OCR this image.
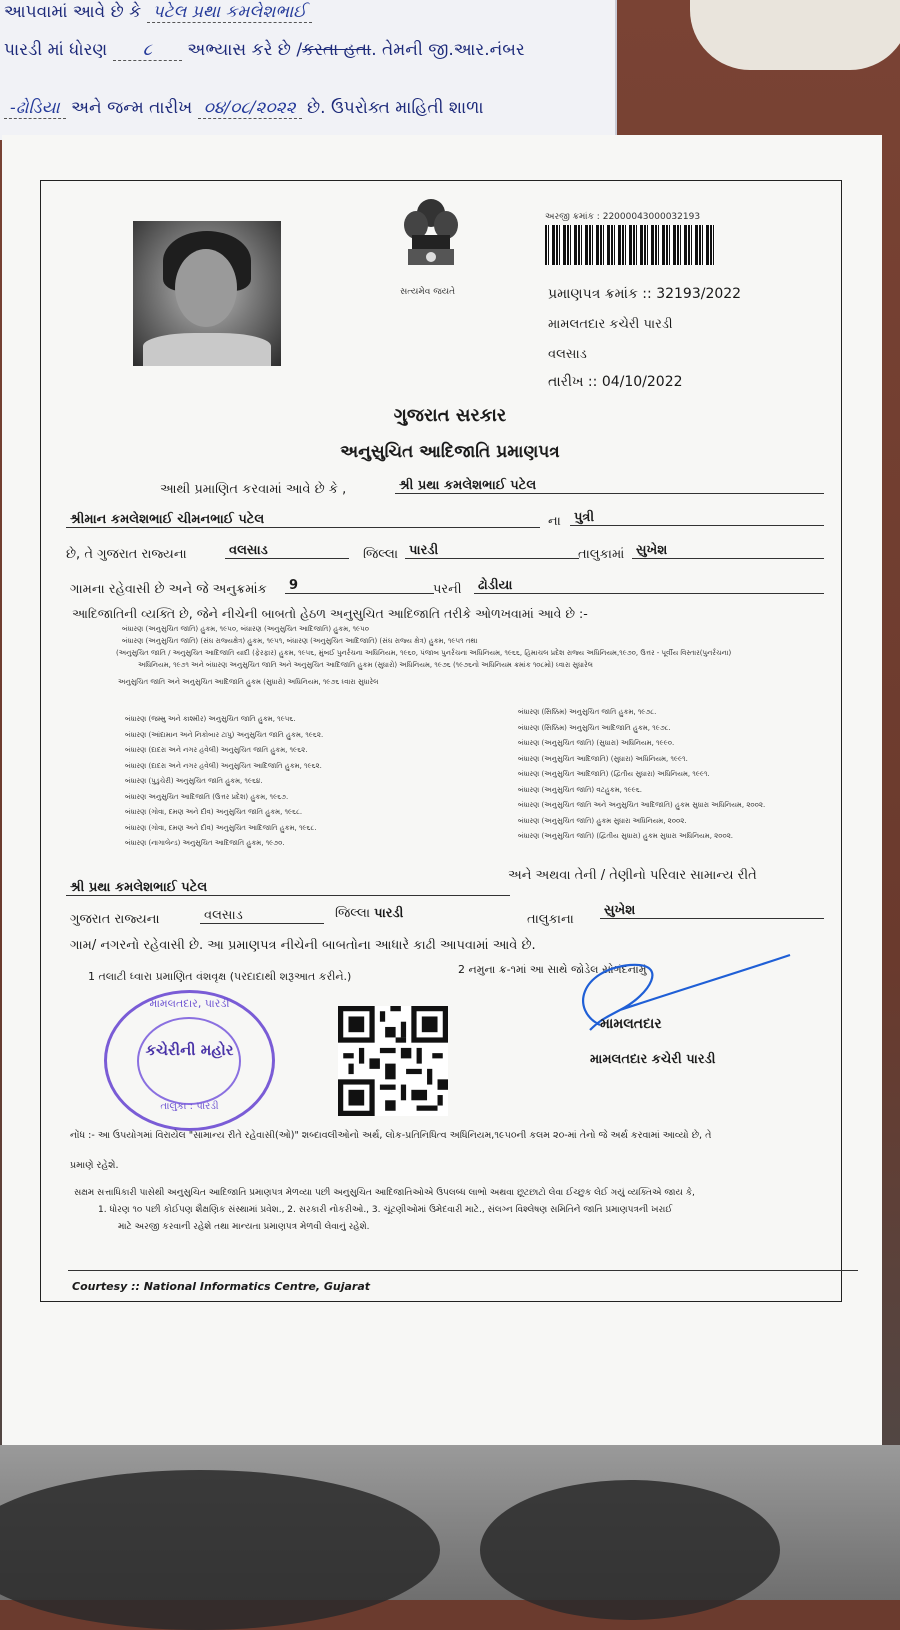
આપવામાં આવે છે કે પટેલ પ્રથા કમલેશભાઈ
પારડી માં ધોરણ ૮ અભ્યાસ કરે છે /કરતા હતા. તેમની જી.આર.નંબર
-ઢોડિયા અને જન્મ તારીખ ૦૪/૦૮/૨૦૨૨ છે. ઉપરોક્ત માહિતી શાળા
સત્યમેવ જયતે
અરજી ક્રમાંક : 22000043000032193
પ્રમાણપત્ર ક્રમાંક :: 32193/2022
મામલતદાર કચેરી પારડી
વલસાડ
તારીખ :: 04/10/2022
ગુજરાત સરકાર
અનુસુચિત આદિજાતિ પ્રમાણપત્ર
આથી પ્રમાણિત કરવામાં આવે છે કે ,	શ્રી પ્રથા કમલેશભાઈ પટેલ
શ્રીમાન કમલેશભાઈ ચીમનભાઈ પટેલ	ના	પુત્રી
છે, તે ગુજરાત રાજ્યના	વલસાડ	જિલ્લા પારડી	તાલુકામાં સુખેશ
ગામના રહેવાસી છે અને જે અનુક્રમાંક	9	પરની	ઢોડીયા
આદિજાતિની વ્યક્તિ છે, જેને નીચેની બાબતો હેઠળ અનુસુચિત આદિજાતિ તરીકે ઓળખવામાં આવે છે :-
બંધારણ (અનુસુચિત જાતિ) હુકમ, ૧૯૫૦, બંધારણ (અનુસુચિત આદિજાતિ) હુકમ, ૧૯૫૦
બંધારણ (અનુસુચિત જાતિ) (સંઘ રાજ્યક્ષેત્ર) હુકમ, ૧૯૫૧, બંધારણ (અનુસુચિત આદિજાતિ) (સંઘ રાજ્ય ક્ષેત્ર) હુકમ, ૧૯૫૧ તથા
(અનુસુચિત જાતિ / અનુસુચિત આદિજાતિ યાદી (ફેરફાર) હુકમ, ૧૯૫૬, મુંબઈ પુનર્રચના અધિનિયમ, ૧૯૬૦, પંજાબ પુનર્રચના અધિનિયમ, ૧૯૬૬, હિમાચલ પ્રદેશ રાજ્ય અધિનિયમ,૧૯૭૦, ઉત્તર - પૂર્વીય વિસ્તાર(પુનર્રચના)
અધિનિયમ, ૧૯૭૧ અને બંધારણ અનુસુચિત જાતિ અને અનુસુચિત આદિજાતિ હુકમ (સુધારો) અધિનિયમ, ૧૯૭૬ (૧૯૭૬નો અધિનિયમ ક્રમાંક ૧૦૮મો) ધ્વારા સુધારેલ
અનુસુચિત જાતિ અને અનુસુચિત આદિજાતિ હુકમ (સુધારો) અધિનિયમ, ૧૯૭૬ ધ્વારા સુધારેલ
બંધારણ (જમ્મુ અને કાશ્મીર) અનુસુચિત જાતિ હુકમ, ૧૯૫૬.
બંધારણ (આંદામાન અને નિકોબાર ટાપુ) અનુસુચિત જાતિ હુકમ, ૧૯૬૨.
બંધારણ (દાદરા અને નગર હવેલી) અનુસુચિત જાતિ હુકમ, ૧૯૬૨.
બંધારણ (દાદરા અને નગર હવેલી) અનુસુચિત આદિજાતિ હુકમ, ૧૯૬૨.
બંધારણ (પુડુચેરી) અનુસુચિત જાતિ હુકમ, ૧૯૬૪.
બંધારણ અનુસુચિત આદિજાતિ (ઉત્તર પ્રદેશ) હુકમ, ૧૯૬૭.
બંધારણ (ગોવા, દમણ અને દીવ) અનુસુચિત જાતિ હુકમ, ૧૯૬૮.
બંધારણ (ગોવા, દમણ અને દીવ) અનુસુચિત આદિજાતિ હુકમ, ૧૯૬૮.
બંધારણ (નાગાલેન્ડ) અનુસુચિત આદિજાતિ હુકમ, ૧૯૭૦.
બંધારણ (સિક્કિમ) અનુસુચિત જાતિ હુકમ, ૧૯૭૮.
બંધારણ (સિક્કિમ) અનુસુચિત આદિજાતિ હુકમ, ૧૯૭૮.
બંધારણ (અનુસુચિત જાતિ) (સુધારા) અધિનિયમ, ૧૯૯૦.
બંધારણ (અનુસુચિત આદિજાતિ) (સુધારા) અધિનિયમ, ૧૯૯૧.
બંધારણ (અનુસુચિત આદિજાતિ) (દ્વિતીય સુધારા) અધિનિયમ, ૧૯૯૧.
બંધારણ (અનુસુચિત જાતિ) વટહુકમ, ૧૯૯૬.
બંધારણ (અનુસુચિત જાતિ અને અનુસુચિત આદિજાતિ) હુકમ સુધારા અધિનિયમ, ૨૦૦૨.
બંધારણ (અનુસુચિત જાતિ) હુકમ સુધારા અધિનિયમ, ૨૦૦૨.
બંધારણ (અનુસુચિત જાતિ) (દ્વિતીય સુધારા) હુકમ સુધારા અધિનિયમ, ૨૦૦૨.
શ્રી પ્રથા કમલેશભાઈ પટેલ
અને અથવા તેની / તેણીનો પરિવાર સામાન્ય રીતે
ગુજરાત રાજ્યના	વલસાડ	જિલ્લા પારડી	તાલુકાના
સુખેશ
ગામ/ નગરનો રહેવાસી છે. આ પ્રમાણપત્ર નીચેની બાબતોના આધારે કાઢી આપવામાં આવે છે.
1 તલાટી ધ્વારા પ્રમાણિત વંશવૃક્ષ (પરદાદાથી શરૂઆત કરીને.)
2 નમુના ક્ર-૧માં આ સાથે જોડેલ સોગંદનામું
મામલતદાર, પારડી
કચેરીની મહોર
તાલુકા : પારડી
મામલતદાર
મામલતદાર કચેરી પારડી
નોંધ :- આ ઉપયોગમાં વિરાયેલ "સામાન્ય રીતે રહેવાસી(ઓ)" શબ્દાવલીઓનો અર્થ, લોક-પ્રતિનિધિત્વ અધિનિયમ,૧૯૫૦ની કલમ ૨૦-માં તેનો જે અર્થ કરવામાં આવ્યો છે, તે
પ્રમાણે રહેશે.
સક્ષમ સત્તાધિકારી પાસેથી અનુસુચિત આદિજાતિ પ્રમાણપત્ર મેળવ્યા પછી અનુસુચિત આદિજાતિઓએ ઉપલબ્ધ લાભો અથવા છૂટછાટો લેવા ઈચ્છુક લેઈ ગયું વ્યક્તિએ જાય કે,
1. ધોરણ ૧૦ પછી કોઈપણ શૈક્ષણિક સંસ્થામાં પ્રવેશ., 2. સરકારી નોકરીઓ., 3. ચૂંટણીઓમાં ઉમેદવારી માટે., સંલગ્ન વિશ્લેષણ સમિતિને જાતિ પ્રમાણપત્રની ખરાઈ
માટે અરજી કરવાની રહેશે તથા માન્યતા પ્રમાણપત્ર મેળવી લેવાનું રહેશે.
Courtesy :: National Informatics Centre, Gujarat
